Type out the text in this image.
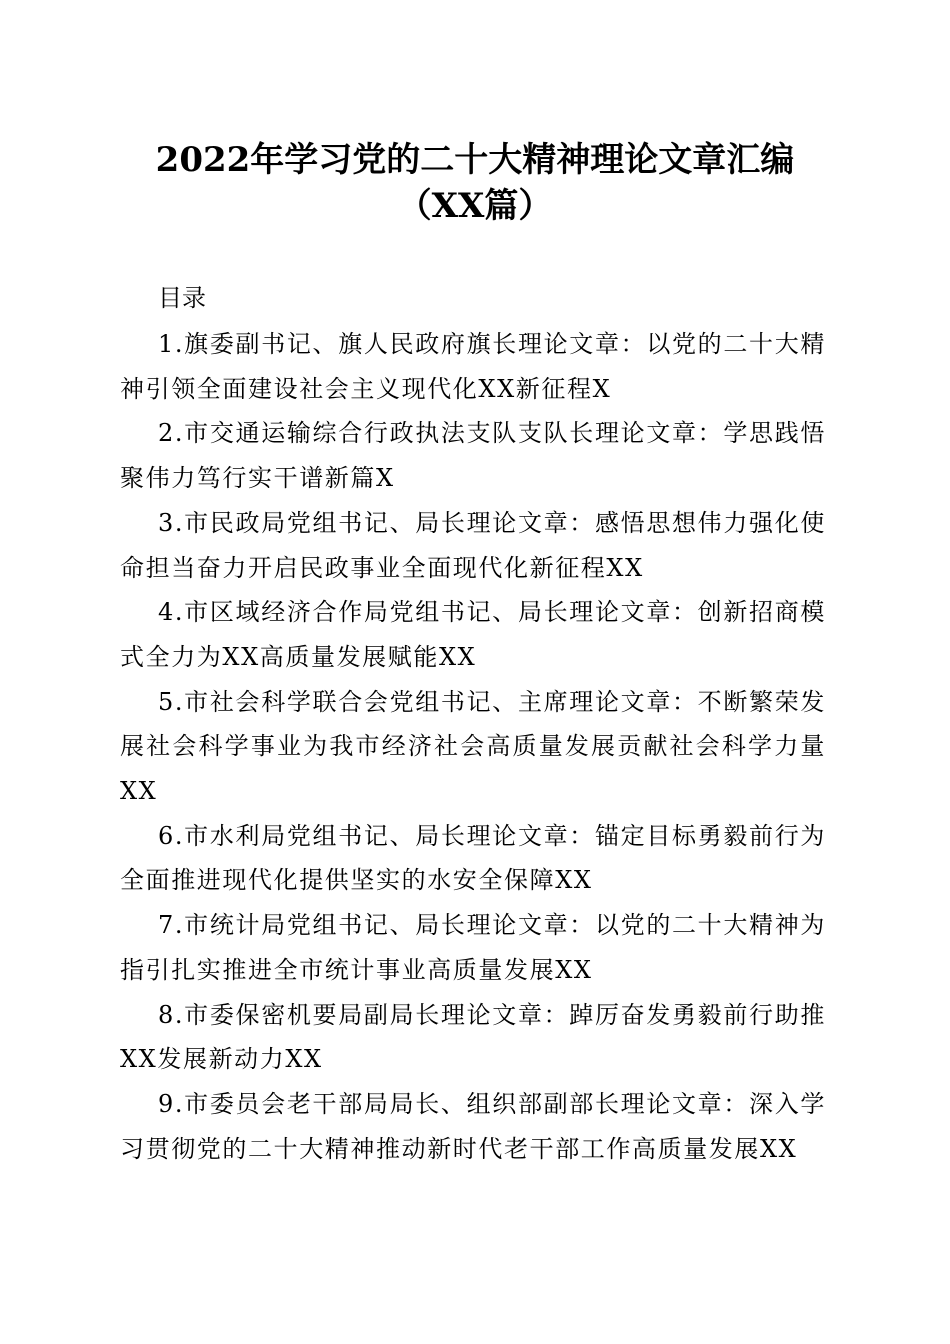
2022年学习党的二十大精神理论文章汇编
（XX篇）
目录
1.旗委副书记、旗人民政府旗长理论文章：以党的二十大精神引领全面建设社会主义现代化XX新征程X
2.市交通运输综合行政执法支队支队长理论文章：学思践悟聚伟力笃行实干谱新篇X
3.市民政局党组书记、局长理论文章：感悟思想伟力强化使命担当奋力开启民政事业全面现代化新征程XX
4.市区域经济合作局党组书记、局长理论文章：创新招商模式全力为XX高质量发展赋能XX
5.市社会科学联合会党组书记、主席理论文章：不断繁荣发展社会科学事业为我市经济社会高质量发展贡献社会科学力量XX
6.市水利局党组书记、局长理论文章：锚定目标勇毅前行为全面推进现代化提供坚实的水安全保障XX
7.市统计局党组书记、局长理论文章：以党的二十大精神为指引扎实推进全市统计事业高质量发展XX
8.市委保密机要局副局长理论文章：踔厉奋发勇毅前行助推XX发展新动力XX
9.市委员会老干部局局长、组织部副部长理论文章：深入学习贯彻党的二十大精神推动新时代老干部工作高质量发展XX
